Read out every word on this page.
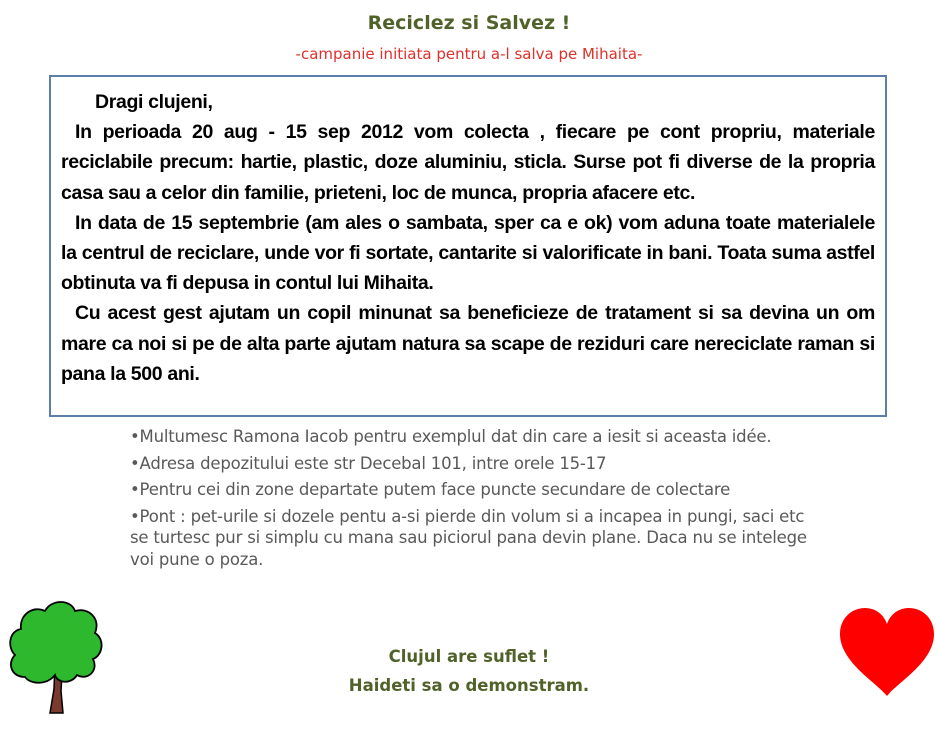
Reciclez si Salvez !
-campanie initiata pentru a-l salva pe Mihaita-

Dragi clujeni,

In perioada 20 aug - 15 sep 2012 vom colecta , fiecare pe cont propriu, materiale reciclabile precum: hartie, plastic, doze aluminiu, sticla. Surse pot fi diverse de la propria casa sau a celor din familie, prieteni, loc de munca, propria afacere etc.

In data de 15 septembrie (am ales o sambata, sper ca e ok) vom aduna toate materialele la centrul de reciclare, unde vor fi sortate, cantarite si valorificate in bani. Toata suma astfel obtinuta va fi depusa in contul lui Mihaita.

Cu acest gest ajutam un copil minunat sa beneficieze de tratament si sa devina un om mare ca noi si pe de alta parte ajutam natura sa scape de reziduri care nereciclate raman si pana la 500 ani.

•Multumesc Ramona Iacob pentru exemplul dat din care a iesit si aceasta idée.
•Adresa depozitului este str Decebal 101, intre orele 15-17
•Pentru cei din zone departate putem face puncte secundare de colectare
•Pont : pet-urile si dozele pentu a-si pierde din volum si a incapea in pungi, saci etc se turtesc pur si simplu cu mana sau piciorul pana devin plane. Daca nu se intelege voi pune o poza.
Clujul are suflet !
Haideti sa o demonstram.
